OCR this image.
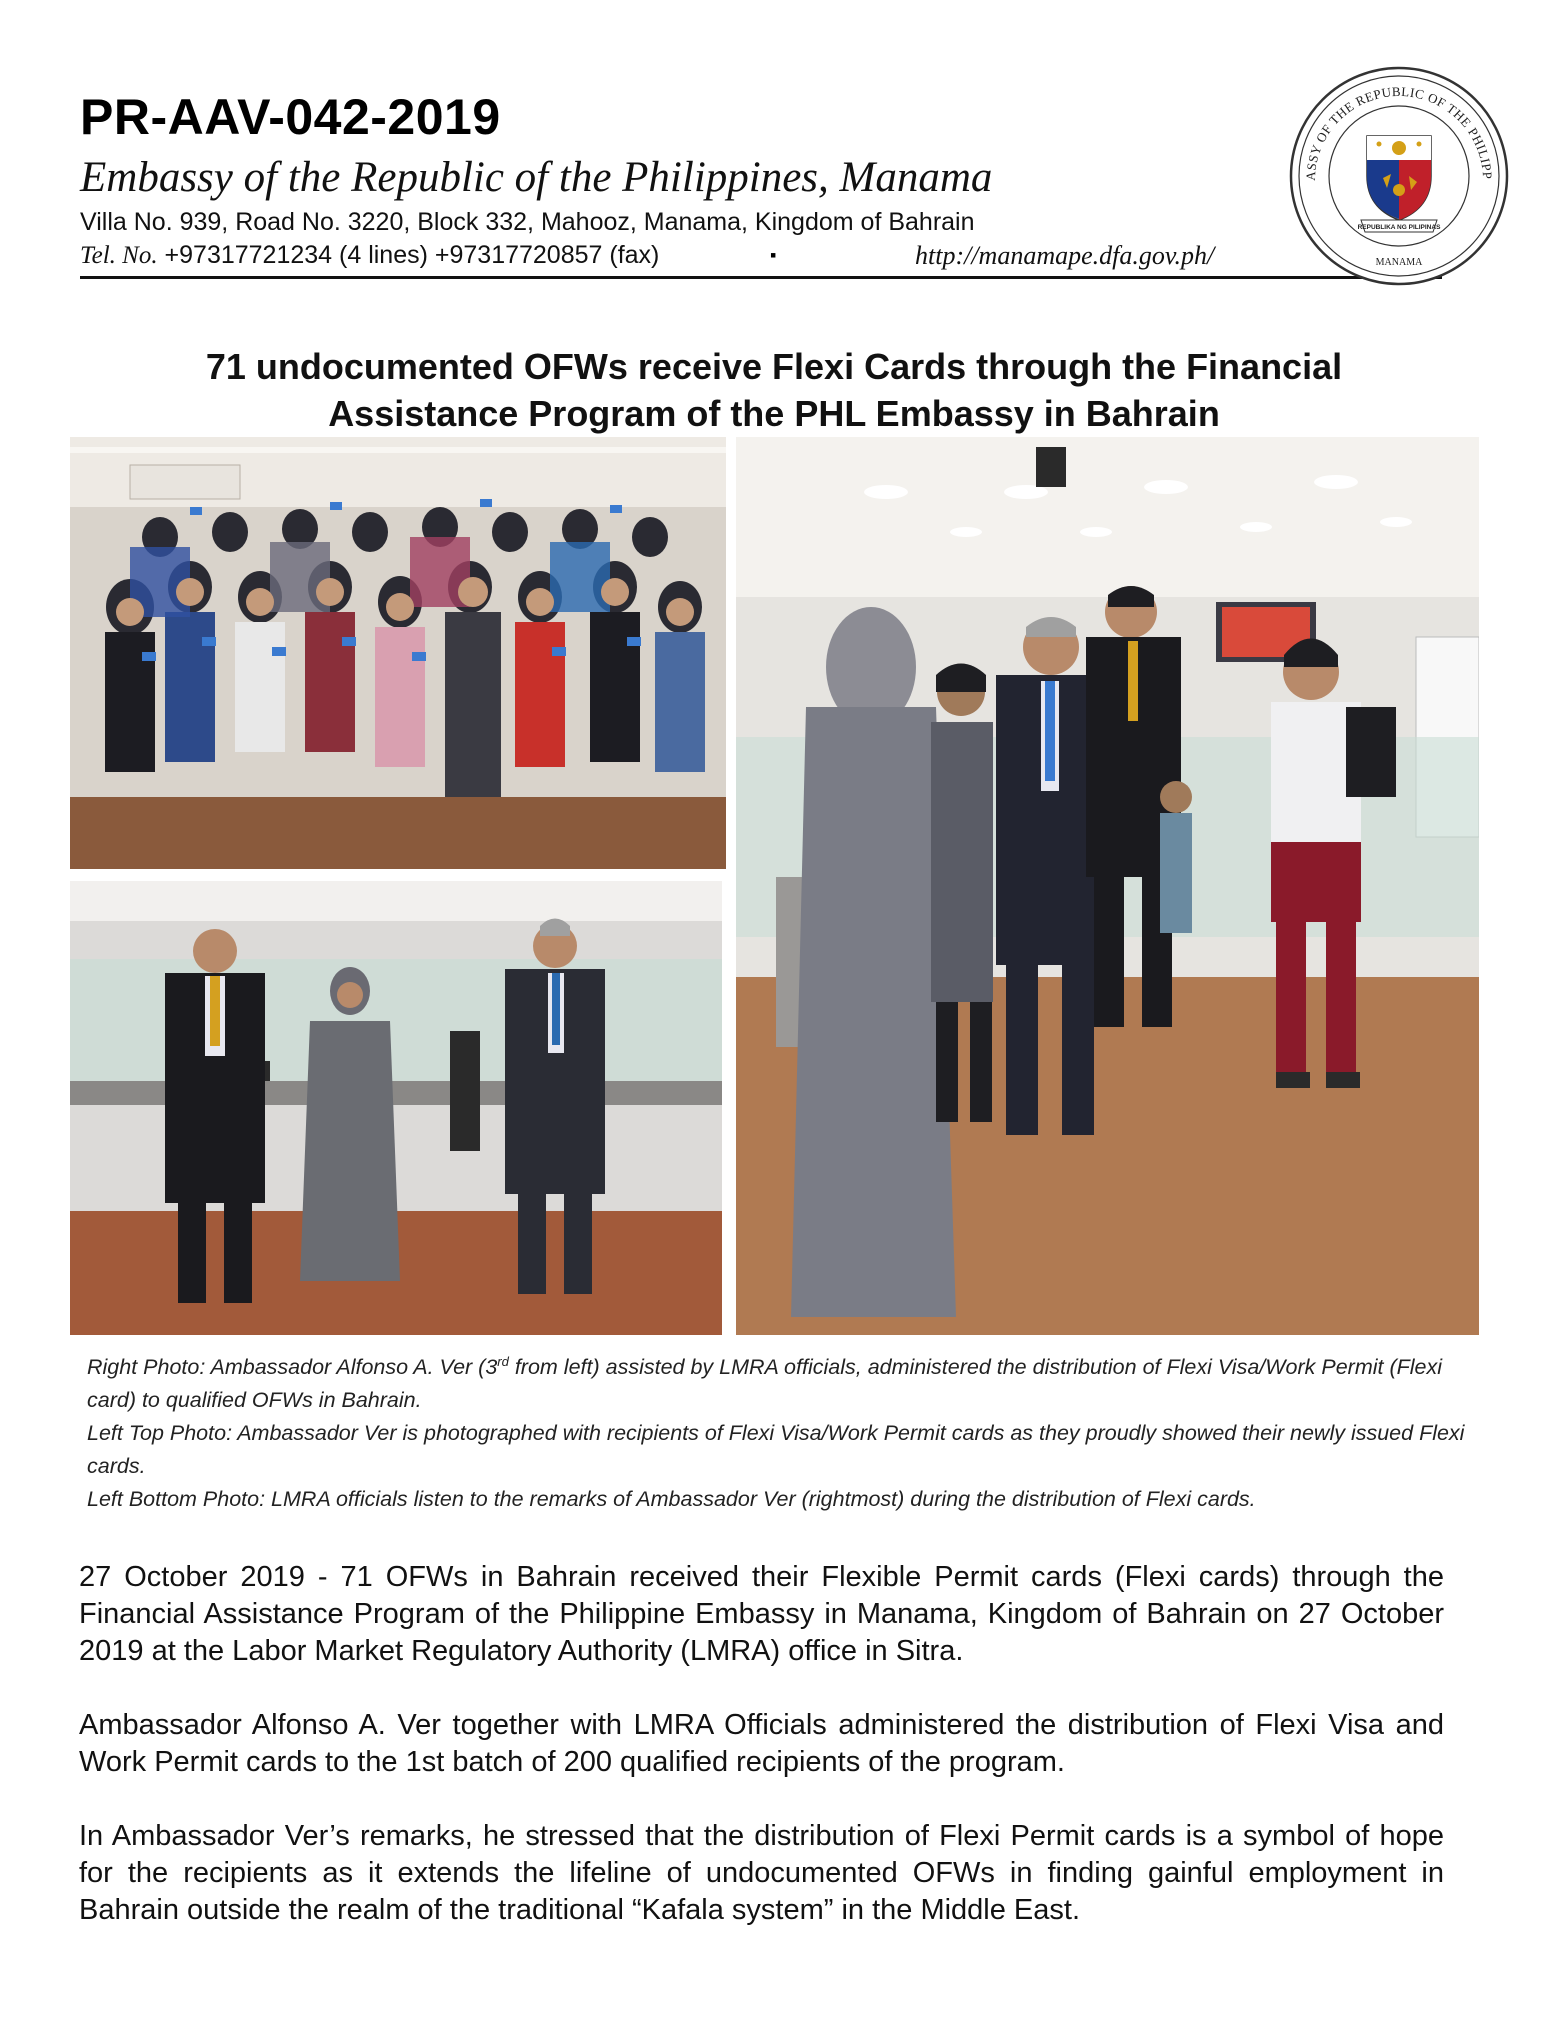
PR-AAV-042-2019
Embassy of the Republic of the Philippines, Manama
Villa No. 939, Road No. 3220, Block 332, Mahooz, Manama, Kingdom of Bahrain
Tel. No. +97317721234 (4 lines) +97317720857 (fax)	▪	http://manamape.dfa.gov.ph/
ASSY OF THE REPUBLIC OF THE PHILIPP
MANAMA
REPUBLIKA NG PILIPINAS
71 undocumented OFWs receive Flexi Cards through the Financial
Assistance Program of the PHL Embassy in Bahrain

Right Photo: Ambassador Alfonso A. Ver (3rd from left) assisted by LMRA officials, administered the distribution of Flexi Visa/Work Permit (Flexi card) to qualified OFWs in Bahrain.

Left Top Photo: Ambassador Ver is photographed with recipients of Flexi Visa/Work Permit cards as they proudly showed their newly issued Flexi cards.

Left Bottom Photo: LMRA officials listen to the remarks of Ambassador Ver (rightmost) during the distribution of Flexi cards.

27 October 2019 - 71 OFWs in Bahrain received their Flexible Permit cards (Flexi cards) through the Financial Assistance Program of the Philippine Embassy in Manama, Kingdom of Bahrain on 27 October 2019 at the Labor Market Regulatory Authority (LMRA) office in Sitra.

Ambassador Alfonso A. Ver together with LMRA Officials administered the distribution of Flexi Visa and Work Permit cards to the 1st batch of 200 qualified recipients of the program.

In Ambassador Ver’s remarks, he stressed that the distribution of Flexi Permit cards is a symbol of hope for the recipients as it extends the lifeline of undocumented OFWs in finding gainful employment in Bahrain outside the realm of the traditional “Kafala system” in the Middle East.
